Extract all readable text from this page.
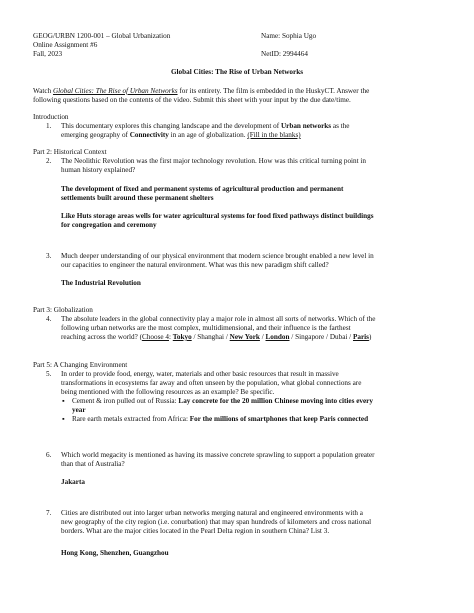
GEOG/URBN 1200-001 – Global Urbanization
Online Assignment #6
Fall, 2023
Name: Sophia Ugo
NetID: 2994464
Global Cities: The Rise of Urban Networks
Watch Global Cities: The Rise of Urban Networks for its entirety. The film is embedded in the HuskyCT. Answer the
following questions based on the contents of the video. Submit this sheet with your input by the due date/time.
Introduction
1. This documentary explores this changing landscape and the development of Urban networks as the
emerging geography of Connectivity in an age of globalization. (Fill in the blanks)
Part 2: Historical Context
2. The Neolithic Revolution was the first major technology revolution. How was this critical turning point in
human history explained?
The development of fixed and permanent systems of agricultural production and permanent
settlements built around these permanent shelters
Like Huts storage areas wells for water agricultural systems for food fixed pathways distinct buildings
for congregation and ceremony
3. Much deeper understanding of our physical environment that modern science brought enabled a new level in
our capacities to engineer the natural environment. What was this new paradigm shift called?
The Industrial Revolution
Part 3: Globalization
4. The absolute leaders in the global connectivity play a major role in almost all sorts of networks. Which of the
following urban networks are the most complex, multidimensional, and their influence is the farthest
reaching across the world? (Choose 4: Tokyo / Shanghai / New York / London / Singapore / Dubai / Paris)
Part 5: A Changing Environment
5. In order to provide food, energy, water, materials and other basic resources that result in massive
transformations in ecosystems far away and often unseen by the population, what global connections are
being mentioned with the following resources as an example? Be specific.
▪ Cement & iron pulled out of Russia: Lay concrete for the 20 million Chinese moving into cities every
year
▪ Rare earth metals extracted from Africa: For the millions of smartphones that keep Paris connected
6. Which world megacity is mentioned as having its massive concrete sprawling to support a population greater
than that of Australia?
Jakarta
7. Cities are distributed out into larger urban networks merging natural and engineered environments with a
new geography of the city region (i.e. conurbation) that may span hundreds of kilometers and cross national
borders. What are the major cities located in the Pearl Delta region in southern China? List 3.
Hong Kong, Shenzhen, Guangzhou
